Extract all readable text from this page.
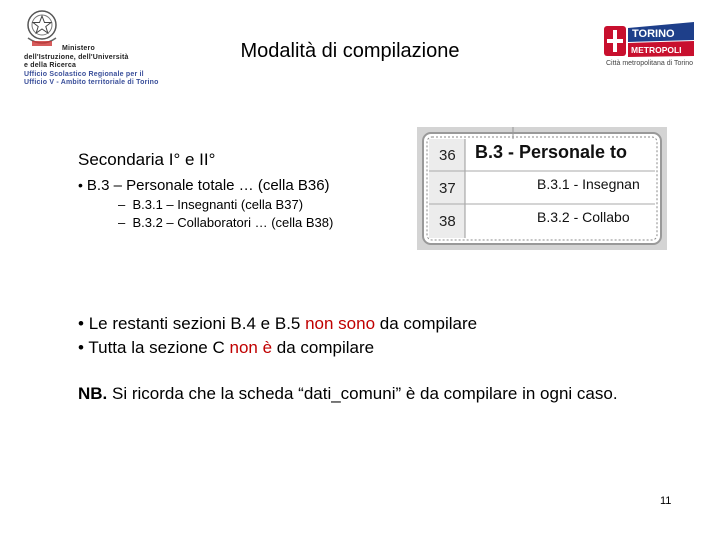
Ministero
dell'Istruzione, dell'Università
e della Ricerca
Ufficio Scolastico Regionale per il
Ufficio V - Ambito territoriale di Torino
Modalità di compilazione
TORINO
METROPOLI
Città metropolitana di Torino
Secondaria I° e II°
• B.3 – Personale totale … (cella B36)
–  B.3.1 – Insegnanti (cella B37)
–  B.3.2 – Collaboratori … (cella B38)
36
37
38
B.3 - Personale to
B.3.1 - Insegnan
B.3.2 - Collabo
• Le restanti sezioni B.4 e B.5 non sono da compilare
• Tutta la sezione C non è da compilare
NB. Si ricorda che la scheda “dati_comuni” è da compilare in ogni caso.
11
